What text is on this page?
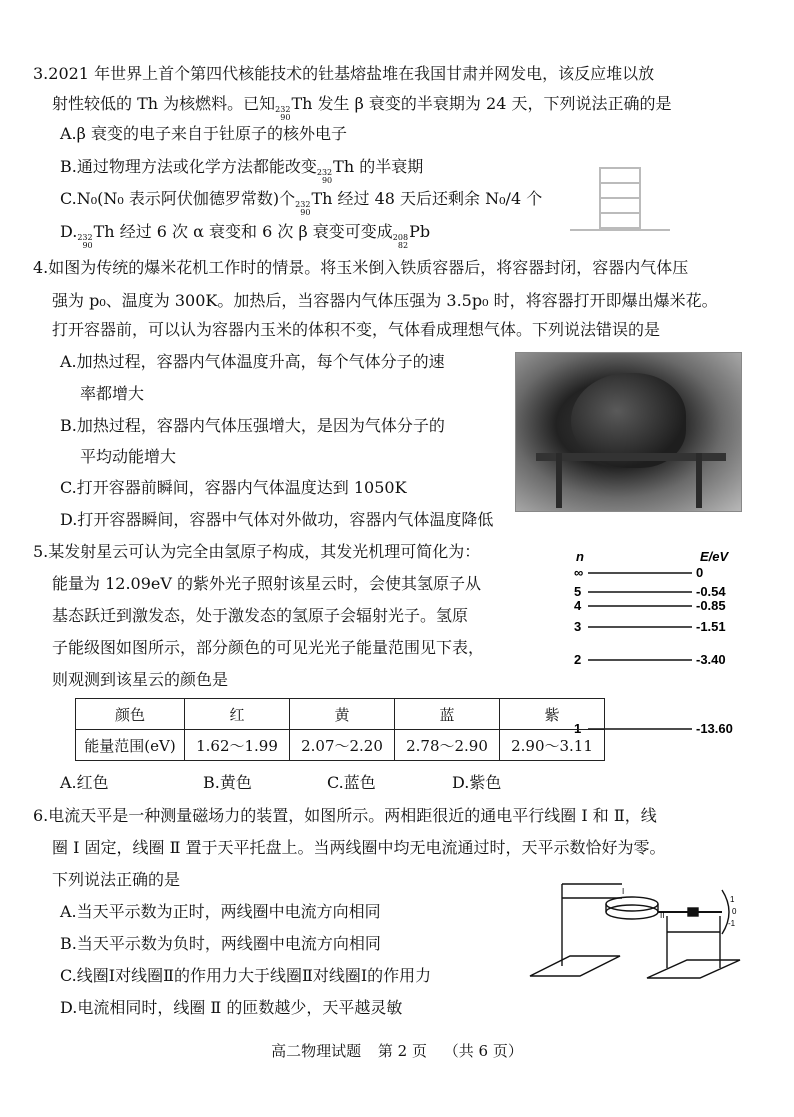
3.2021 年世界上首个第四代核能技术的钍基熔盐堆在我国甘肃并网发电，该反应堆以放
射性较低的 Th 为核燃料。已知 232
90
Th 发生 β 衰变的半衰期为 24 天，下列说法正确的是
A.β 衰变的电子来自于钍原子的核外电子
B.通过物理方法或化学方法都能改变 232
90
Th 的半衰期
C.N₀(N₀ 表示阿伏伽德罗常数)个 232
90
Th 经过 48 天后还剩余 N₀/4 个
D. 232
90
Th 经过 6 次 α 衰变和 6 次 β 衰变可变成 208
82
Pb
4.如图为传统的爆米花机工作时的情景。将玉米倒入铁质容器后，将容器封闭，容器内气体压
强为 p₀、温度为 300K。加热后，当容器内气体压强为 3.5p₀ 时，将容器打开即爆出爆米花。
打开容器前，可以认为容器内玉米的体积不变，气体看成理想气体。下列说法错误的是
A.加热过程，容器内气体温度升高，每个气体分子的速
率都增大
B.加热过程，容器内气体压强增大，是因为气体分子的
平均动能增大
C.打开容器前瞬间，容器内气体温度达到 1050K
D.打开容器瞬间，容器中气体对外做功，容器内气体温度降低
5.某发射星云可认为完全由氢原子构成，其发光机理可简化为：
能量为 12.09eV 的紫外光子照射该星云时，会使其氢原子从
基态跃迁到激发态，处于激发态的氢原子会辐射光子。氢原
子能级图如图所示，部分颜色的可见光光子能量范围见下表，
则观测到该星云的颜色是
n	E/eV
∞
5
4
3
2
1
0
-0.54
-0.85
-1.51
-3.40
-13.60
颜色	红	黄	蓝	紫
能量范围(eV)	1.62～1.99	2.07～2.20	2.78～2.90	2.90～3.11
A.红色	B.黄色	C.蓝色	D.紫色
6.电流天平是一种测量磁场力的装置，如图所示。两相距很近的通电平行线圈 Ⅰ 和 Ⅱ，线
圈 Ⅰ 固定，线圈 Ⅱ 置于天平托盘上。当两线圈中均无电流通过时，天平示数恰好为零。
下列说法正确的是
A.当天平示数为正时，两线圈中电流方向相同
B.当天平示数为负时，两线圈中电流方向相同
C.线圈Ⅰ对线圈Ⅱ的作用力大于线圈Ⅱ对线圈Ⅰ的作用力
D.电流相同时，线圈 Ⅱ 的匝数越少，天平越灵敏
I
II
1
0
-1
高二物理试题 第 2 页 （共 6 页）
